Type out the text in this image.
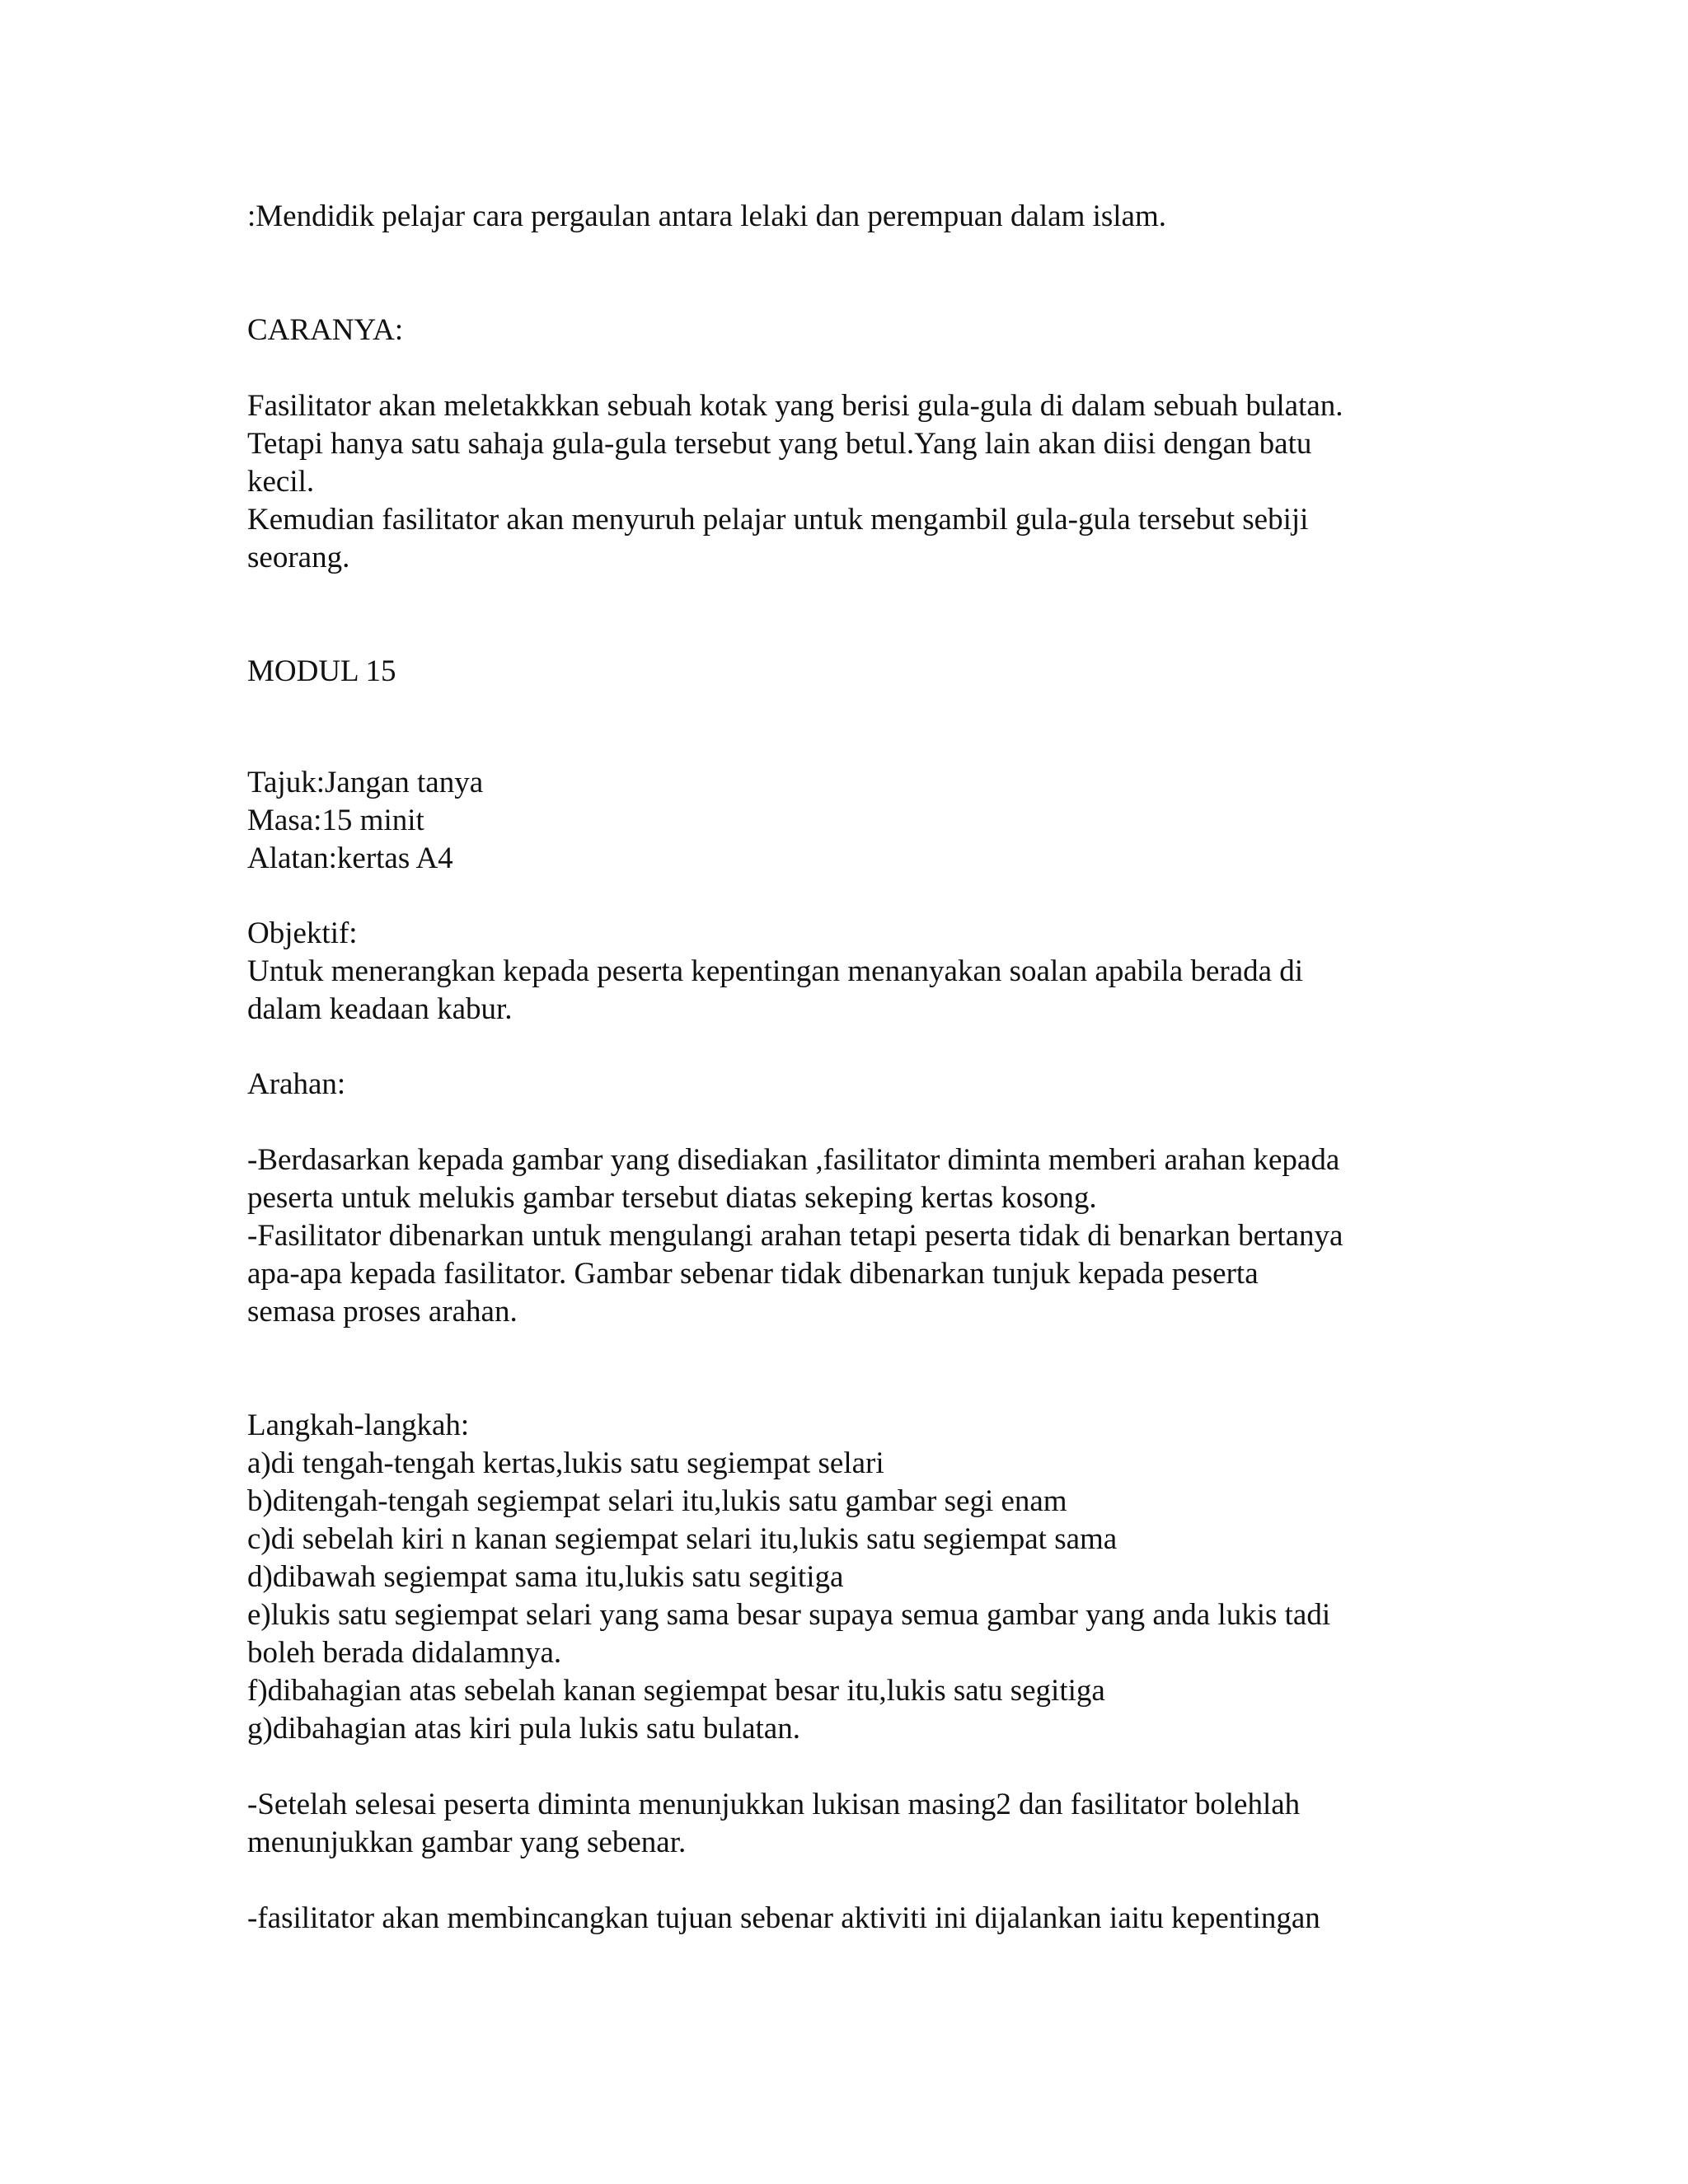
:Mendidik pelajar cara pergaulan antara lelaki dan perempuan dalam islam.

CARANYA:

Fasilitator akan meletakkkan sebuah kotak yang berisi gula-gula di dalam sebuah bulatan.
Tetapi hanya satu sahaja gula-gula tersebut yang betul.Yang lain akan diisi dengan batu
kecil.
Kemudian fasilitator akan menyuruh pelajar untuk mengambil gula-gula tersebut sebiji
seorang.

MODUL 15

Tajuk:Jangan tanya
Masa:15 minit
Alatan:kertas A4
Objektif:
Untuk menerangkan kepada peserta kepentingan menanyakan soalan apabila berada di
dalam keadaan kabur.

Arahan:

-Berdasarkan kepada gambar yang disediakan ,fasilitator diminta memberi arahan kepada
peserta untuk melukis gambar tersebut diatas sekeping kertas kosong.
-Fasilitator dibenarkan untuk mengulangi arahan tetapi peserta tidak di benarkan bertanya
apa-apa kepada fasilitator. Gambar sebenar tidak dibenarkan tunjuk kepada peserta
semasa proses arahan.
Langkah-langkah:
a)di tengah-tengah kertas,lukis satu segiempat selari
b)ditengah-tengah segiempat selari itu,lukis satu gambar segi enam
c)di sebelah kiri n kanan segiempat selari itu,lukis satu segiempat sama
d)dibawah segiempat sama itu,lukis satu segitiga
e)lukis satu segiempat selari yang sama besar supaya semua gambar yang anda lukis tadi
boleh berada didalamnya.
f)dibahagian atas sebelah kanan segiempat besar itu,lukis satu segitiga
g)dibahagian atas kiri pula lukis satu bulatan.
-Setelah selesai peserta diminta menunjukkan lukisan masing2 dan fasilitator bolehlah
menunjukkan gambar yang sebenar.

-fasilitator akan membincangkan tujuan sebenar aktiviti ini dijalankan iaitu kepentingan
